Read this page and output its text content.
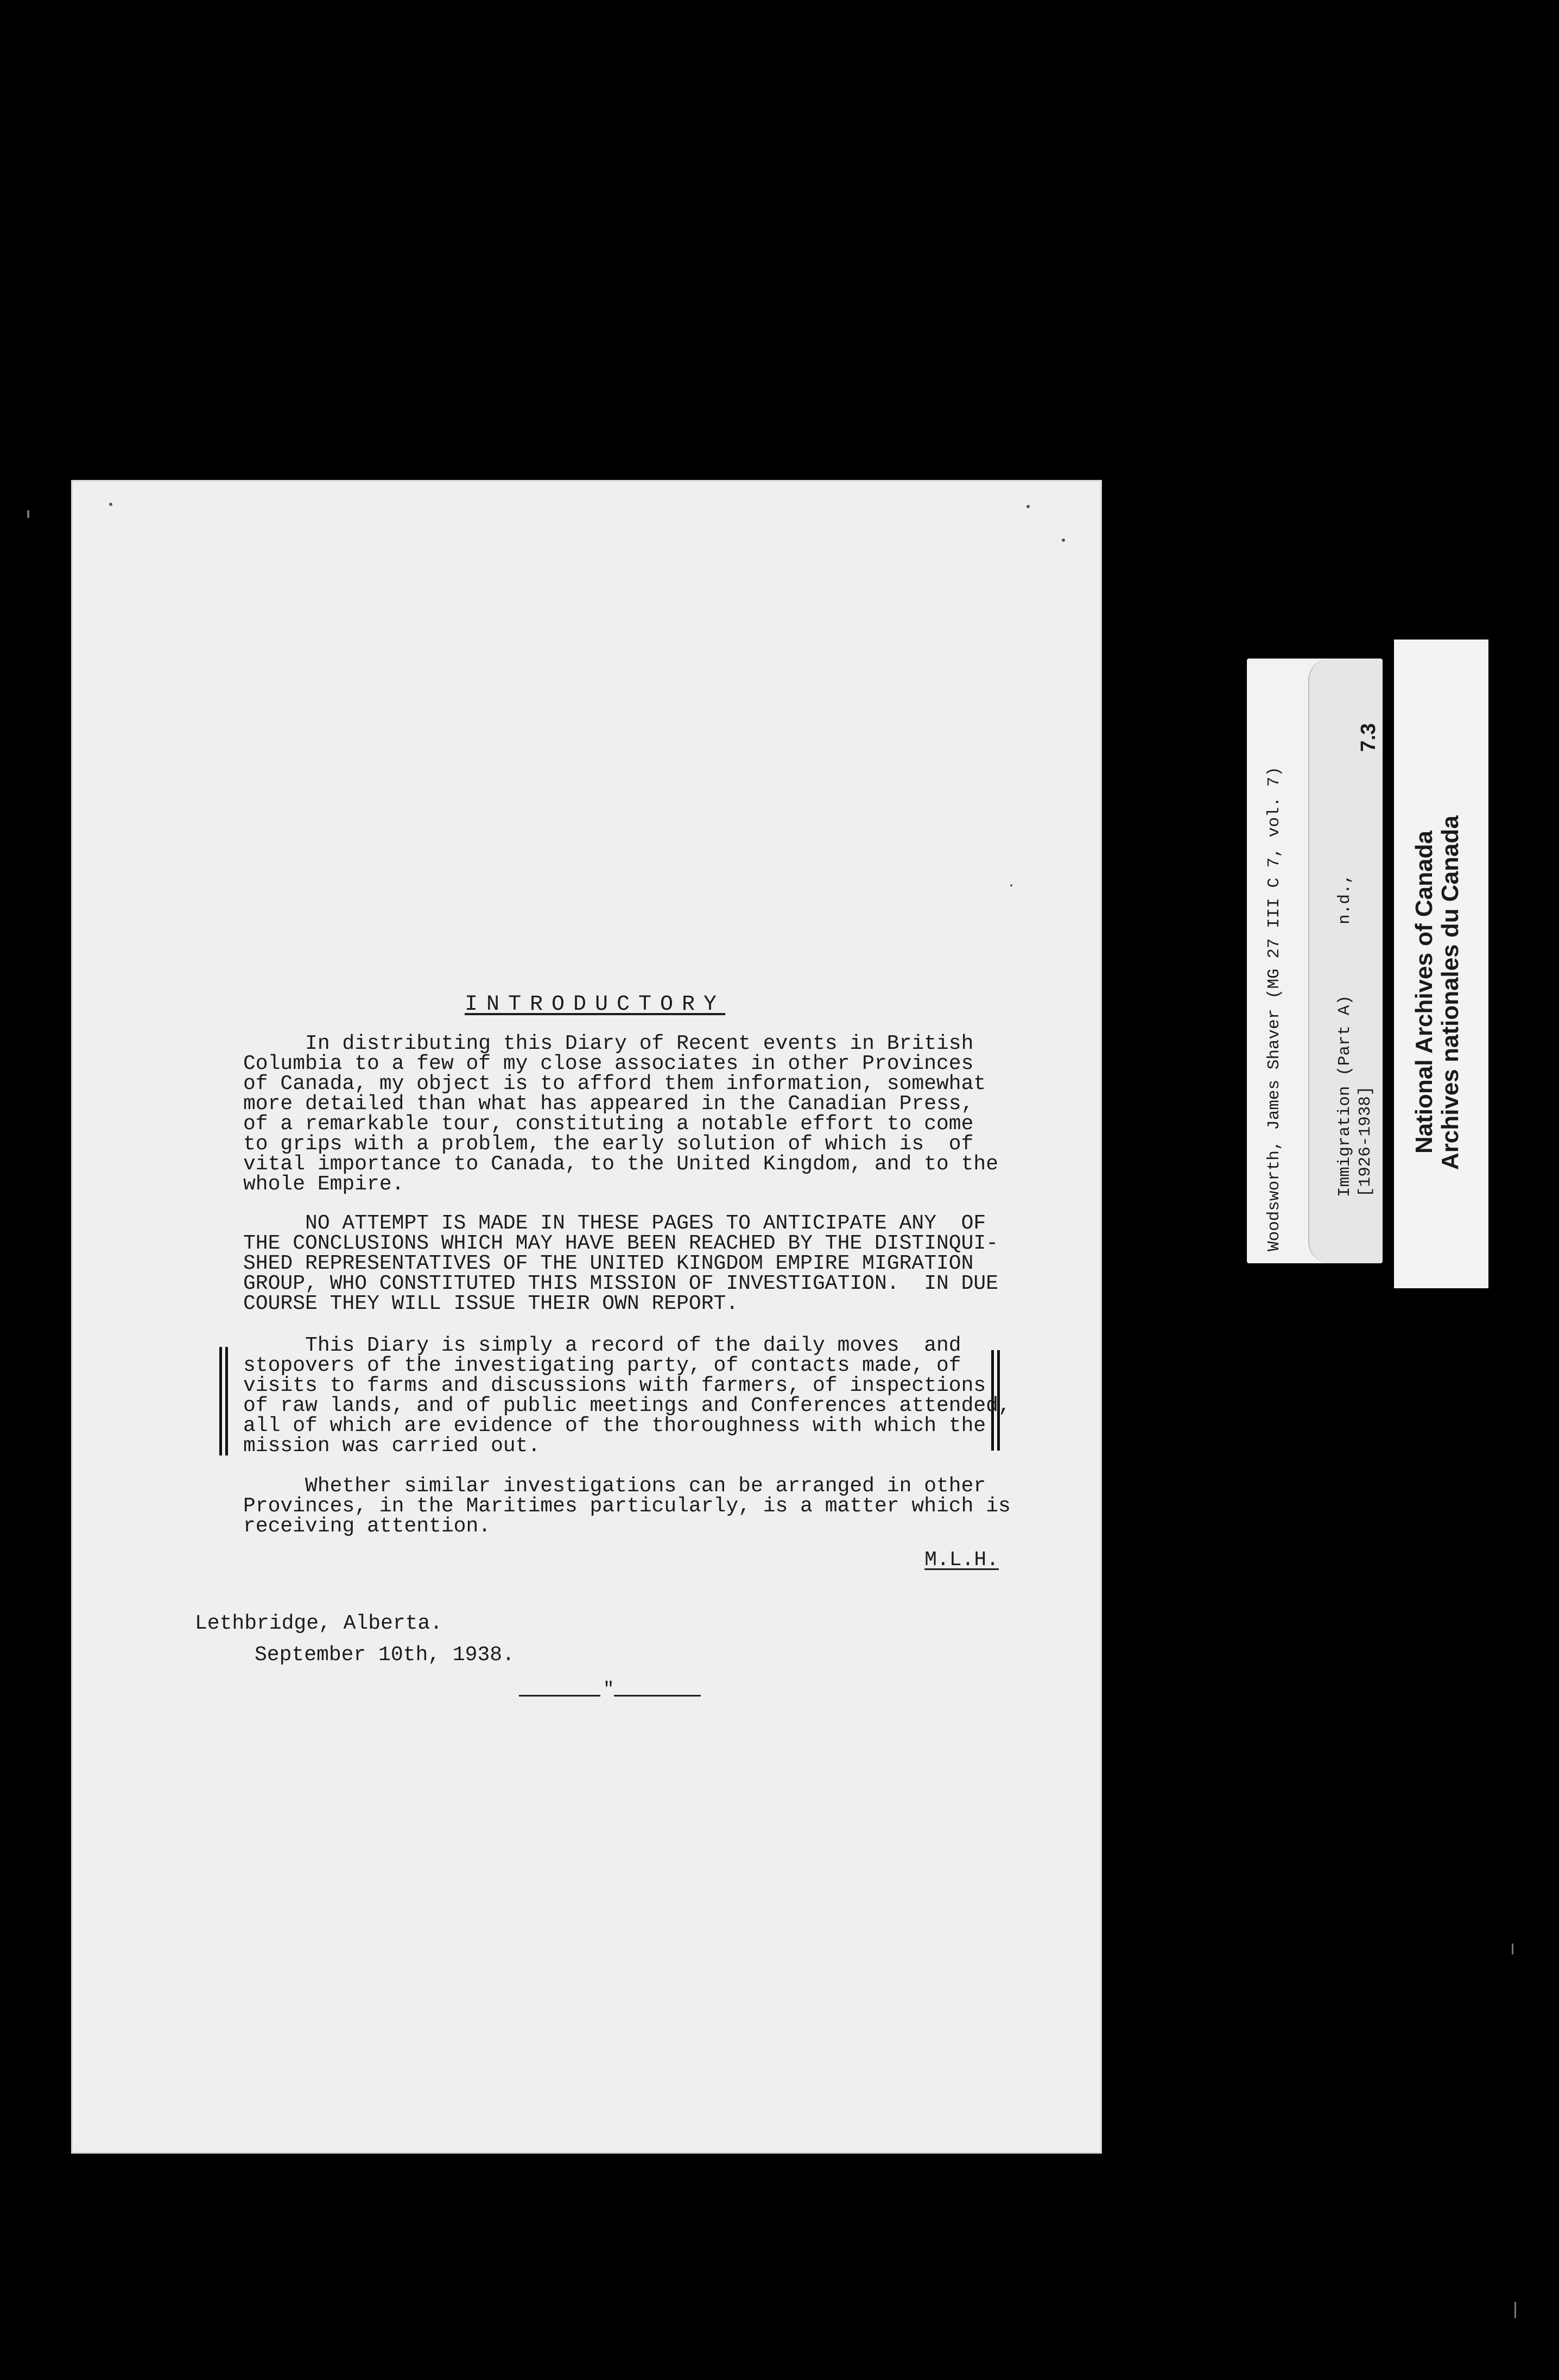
INTRODUCTORY
In distributing this Diary of Recent events in British
Columbia to a few of my close associates in other Provinces
of Canada, my object is to afford them information, somewhat
more detailed than what has appeared in the Canadian Press,
of a remarkable tour, constituting a notable effort to come
to grips with a problem, the early solution of which is  of
vital importance to Canada, to the United Kingdom, and to the
whole Empire.
NO ATTEMPT IS MADE IN THESE PAGES TO ANTICIPATE ANY  OF
THE CONCLUSIONS WHICH MAY HAVE BEEN REACHED BY THE DISTINQUI-
SHED REPRESENTATIVES OF THE UNITED KINGDOM EMPIRE MIGRATION
GROUP, WHO CONSTITUTED THIS MISSION OF INVESTIGATION.  IN DUE
COURSE THEY WILL ISSUE THEIR OWN REPORT.
This Diary is simply a record of the daily moves  and
stopovers of the investigating party, of contacts made, of
visits to farms and discussions with farmers, of inspections
of raw lands, and of public meetings and Conferences attended,
all of which are evidence of the thoroughness with which the
mission was carried out.
Whether similar investigations can be arranged in other
Provinces, in the Maritimes particularly, is a matter which is
receiving attention.
M.L.H.
Lethbridge, Alberta.
September 10th, 1938.
"
Woodsworth, James Shaver (MG 27 III C 7, vol. 7)	Immigration (Part A)       n.d., [1926-1938]
7.3
National Archives of Canada Archives nationales du Canada
